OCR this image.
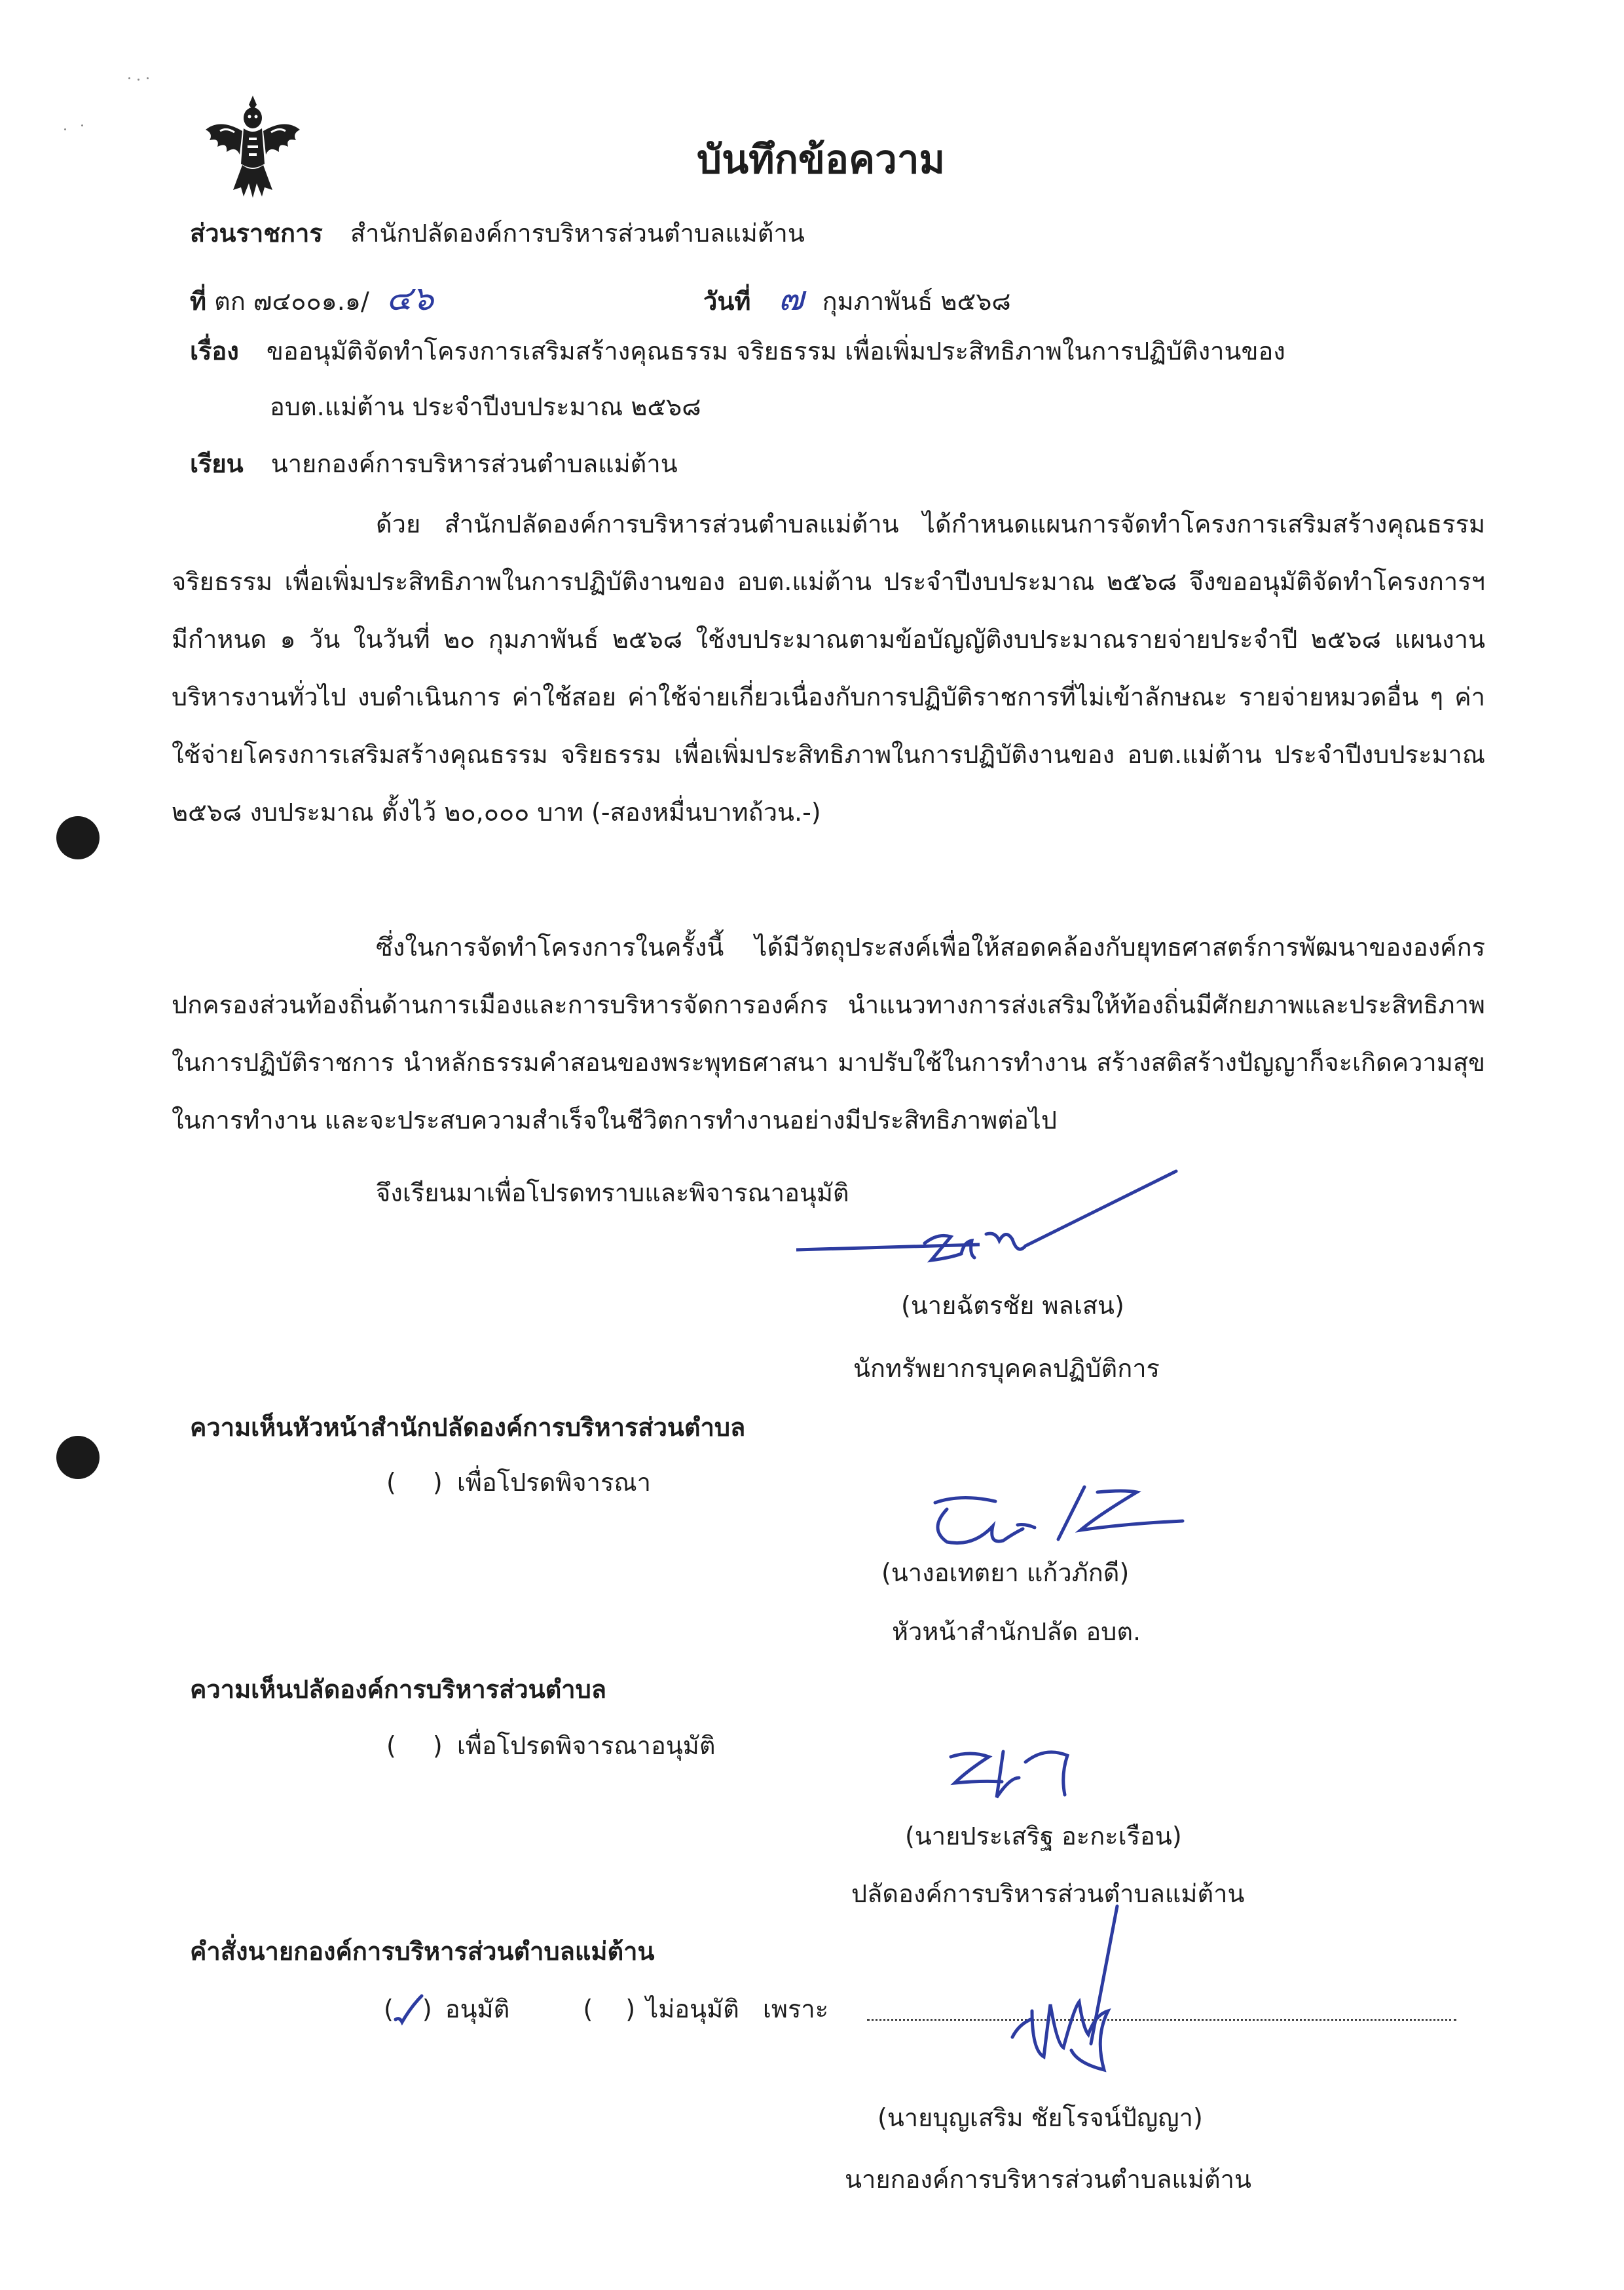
บันทึกข้อความ
ส่วนราชการ สำนักปลัดองค์การบริหารส่วนตำบลแม่ต้าน
ที่ ตก ๗๔๐๐๑.๑/ ๔๖	วันที่ ๗ กุมภาพันธ์ ๒๕๖๘
เรื่อง ขออนุมัติจัดทำโครงการเสริมสร้างคุณธรรม จริยธรรม เพื่อเพิ่มประสิทธิภาพในการปฏิบัติงานของ
อบต.แม่ต้าน ประจำปีงบประมาณ ๒๕๖๘
เรียน นายกองค์การบริหารส่วนตำบลแม่ต้าน

ด้วย สำนักปลัดองค์การบริหารส่วนตำบลแม่ต้าน ได้กำหนดแผนการจัดทำโครงการเสริมสร้างคุณธรรม จริยธรรม เพื่อเพิ่มประสิทธิภาพในการปฏิบัติงานของ อบต.แม่ต้าน ประจำปีงบประมาณ ๒๕๖๘ จึงขออนุมัติจัดทำโครงการฯ มีกำหนด ๑ วัน ในวันที่ ๒๐ กุมภาพันธ์ ๒๕๖๘ ใช้งบประมาณตามข้อบัญญัติงบประมาณรายจ่ายประจำปี ๒๕๖๘ แผนงานบริหารงานทั่วไป งบดำเนินการ ค่าใช้สอย ค่าใช้จ่ายเกี่ยวเนื่องกับการปฏิบัติราชการที่ไม่เข้าลักษณะ รายจ่ายหมวดอื่น ๆ ค่าใช้จ่ายโครงการเสริมสร้างคุณธรรม จริยธรรม เพื่อเพิ่มประสิทธิภาพในการปฏิบัติงานของ อบต.แม่ต้าน ประจำปีงบประมาณ ๒๕๖๘ งบประมาณ ตั้งไว้ ๒๐,๐๐๐ บาท (-สองหมื่นบาทถ้วน.-)

ซึ่งในการจัดทำโครงการในครั้งนี้ ได้มีวัตถุประสงค์เพื่อให้สอดคล้องกับยุทธศาสตร์การพัฒนาขององค์กรปกครองส่วนท้องถิ่นด้านการเมืองและการบริหารจัดการองค์กร นำแนวทางการส่งเสริมให้ท้องถิ่นมีศักยภาพและประสิทธิภาพในการปฏิบัติราชการ นำหลักธรรมคำสอนของพระพุทธศาสนา มาปรับใช้ในการทำงาน สร้างสติสร้างปัญญาก็จะเกิดความสุขในการทำงาน และจะประสบความสำเร็จในชีวิตการทำงานอย่างมีประสิทธิภาพต่อไป

จึงเรียนมาเพื่อโปรดทราบและพิจารณาอนุมัติ
(นายฉัตรชัย พลเสน)
นักทรัพยากรบุคคลปฏิบัติการ
ความเห็นหัวหน้าสำนักปลัดองค์การบริหารส่วนตำบล
( ) เพื่อโปรดพิจารณา
(นางอเทตยา แก้วภักดี)
หัวหน้าสำนักปลัด อบต.
ความเห็นปลัดองค์การบริหารส่วนตำบล
( ) เพื่อโปรดพิจารณาอนุมัติ
(นายประเสริฐ อะกะเรือน)
ปลัดองค์การบริหารส่วนตำบลแม่ต้าน
คำสั่งนายกองค์การบริหารส่วนตำบลแม่ต้าน
( ) อนุมัติ	( ) ไม่อนุมัติ เพราะ
(นายบุญเสริม ชัยโรจน์ปัญญา)
นายกองค์การบริหารส่วนตำบลแม่ต้าน
